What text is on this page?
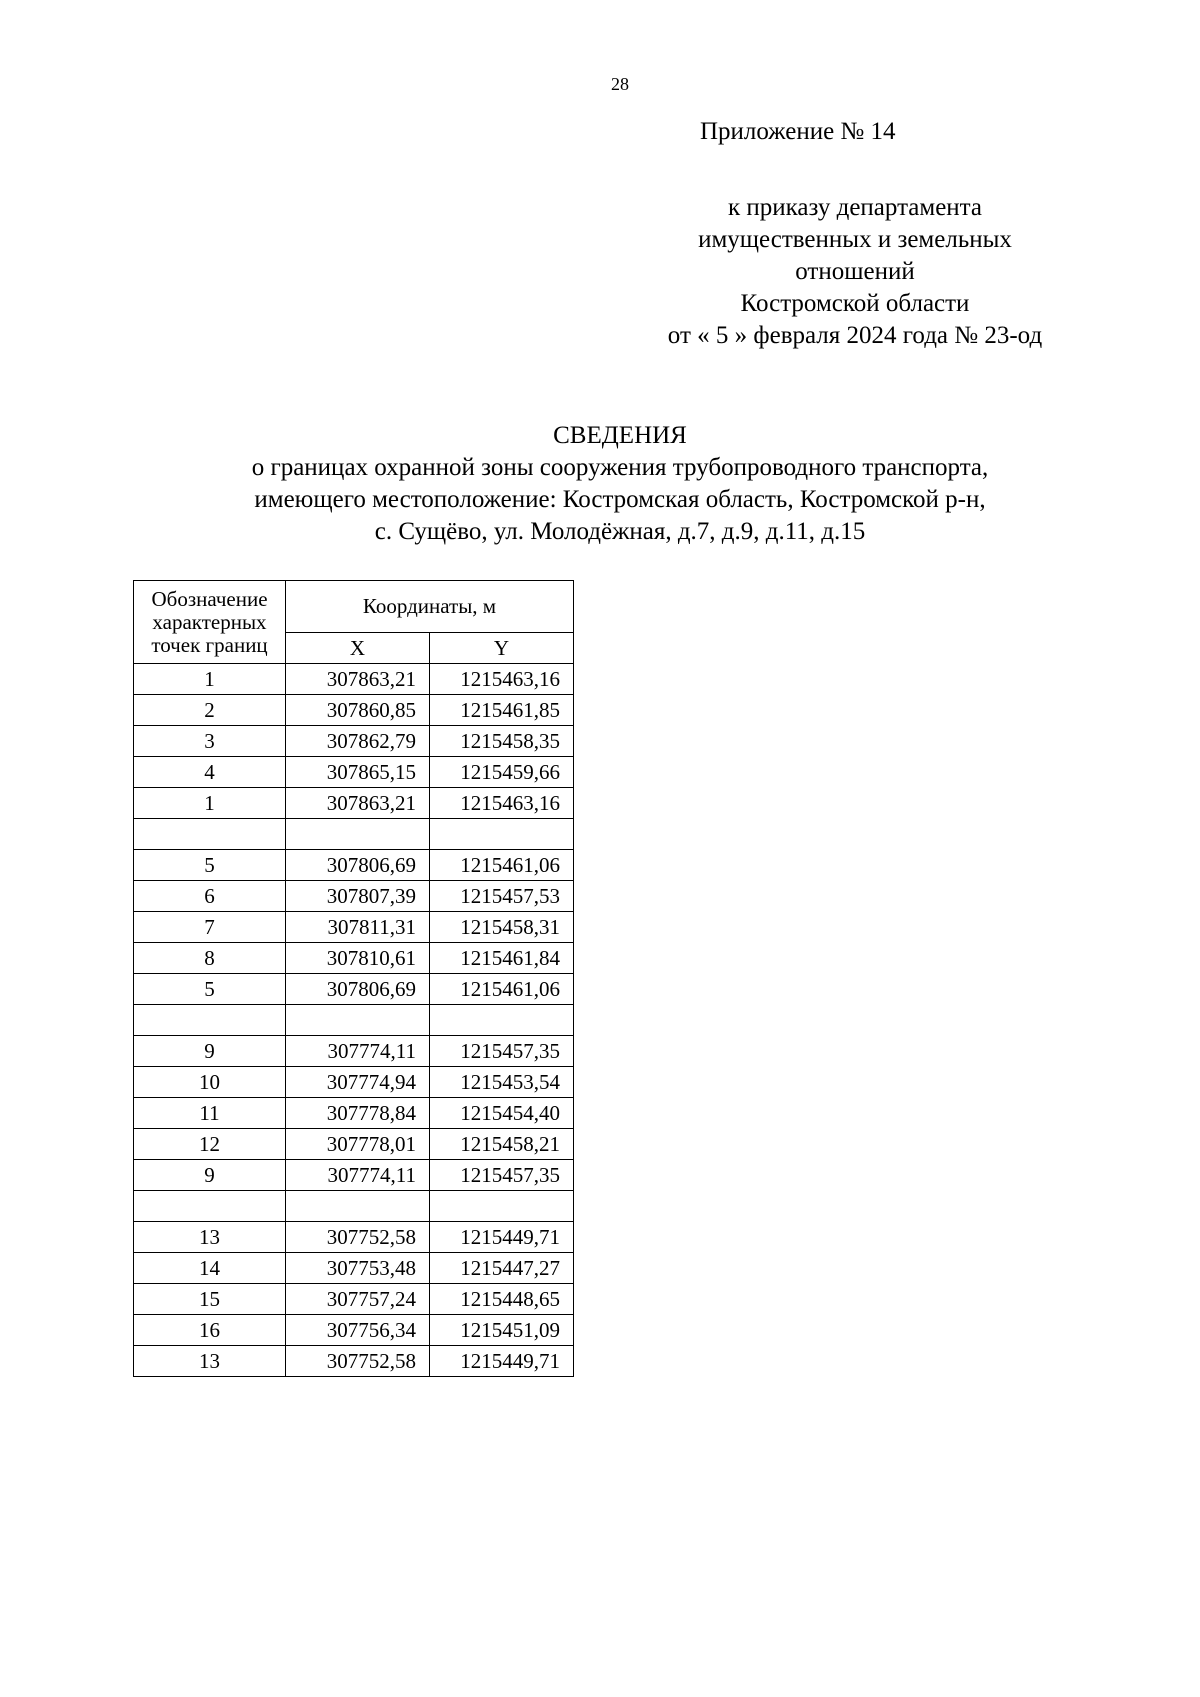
28
Приложение № 14
к приказу департамента
имущественных и земельных
отношений
Костромской области
от « 5 » февраля 2024 года № 23-од
СВЕДЕНИЯ
о границах охранной зоны сооружения трубопроводного транспорта,
имеющего местоположение: Костромская область, Костромской р-н,
с. Сущёво, ул. Молодёжная, д.7, д.9, д.11, д.15
Обозначение характерных точек границ	Координаты, м	
	X	Y
1	307863,21	1215463,16
2	307860,85	1215461,85
3	307862,79	1215458,35
4	307865,15	1215459,66
1	307863,21	1215463,16

5	307806,69	1215461,06
6	307807,39	1215457,53
7	307811,31	1215458,31
8	307810,61	1215461,84
5	307806,69	1215461,06

9	307774,11	1215457,35
10	307774,94	1215453,54
11	307778,84	1215454,40
12	307778,01	1215458,21
9	307774,11	1215457,35

13	307752,58	1215449,71
14	307753,48	1215447,27
15	307757,24	1215448,65
16	307756,34	1215451,09
13	307752,58	1215449,71
